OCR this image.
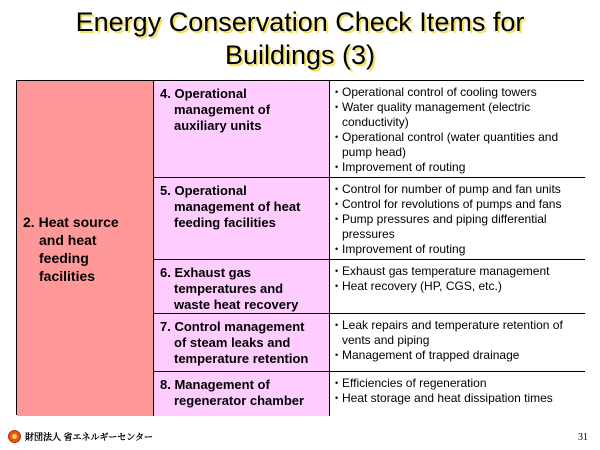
Energy Conservation Check Items for
Buildings (3)
2. Heat source
and heat
feeding
facilities
4. Operational
management of
auxiliary units
• Operational control of cooling towers
• Water quality management (electric conductivity)
• Operational control (water quantities and pump head)
• Improvement of routing
5. Operational
management of heat
feeding facilities
• Control for number of pump and fan units
• Control for revolutions of pumps and fans
• Pump pressures and piping differential pressures
• Improvement of routing
6. Exhaust gas
temperatures and
waste heat recovery
• Exhaust gas temperature management
• Heat recovery (HP, CGS, etc.)
7. Control management
of steam leaks and
temperature retention
• Leak repairs and temperature retention of vents and piping
• Management of trapped drainage
8. Management of
regenerator chamber
• Efficiencies of regeneration
• Heat storage and heat dissipation times
財団法人 省エネルギーセンター	31
